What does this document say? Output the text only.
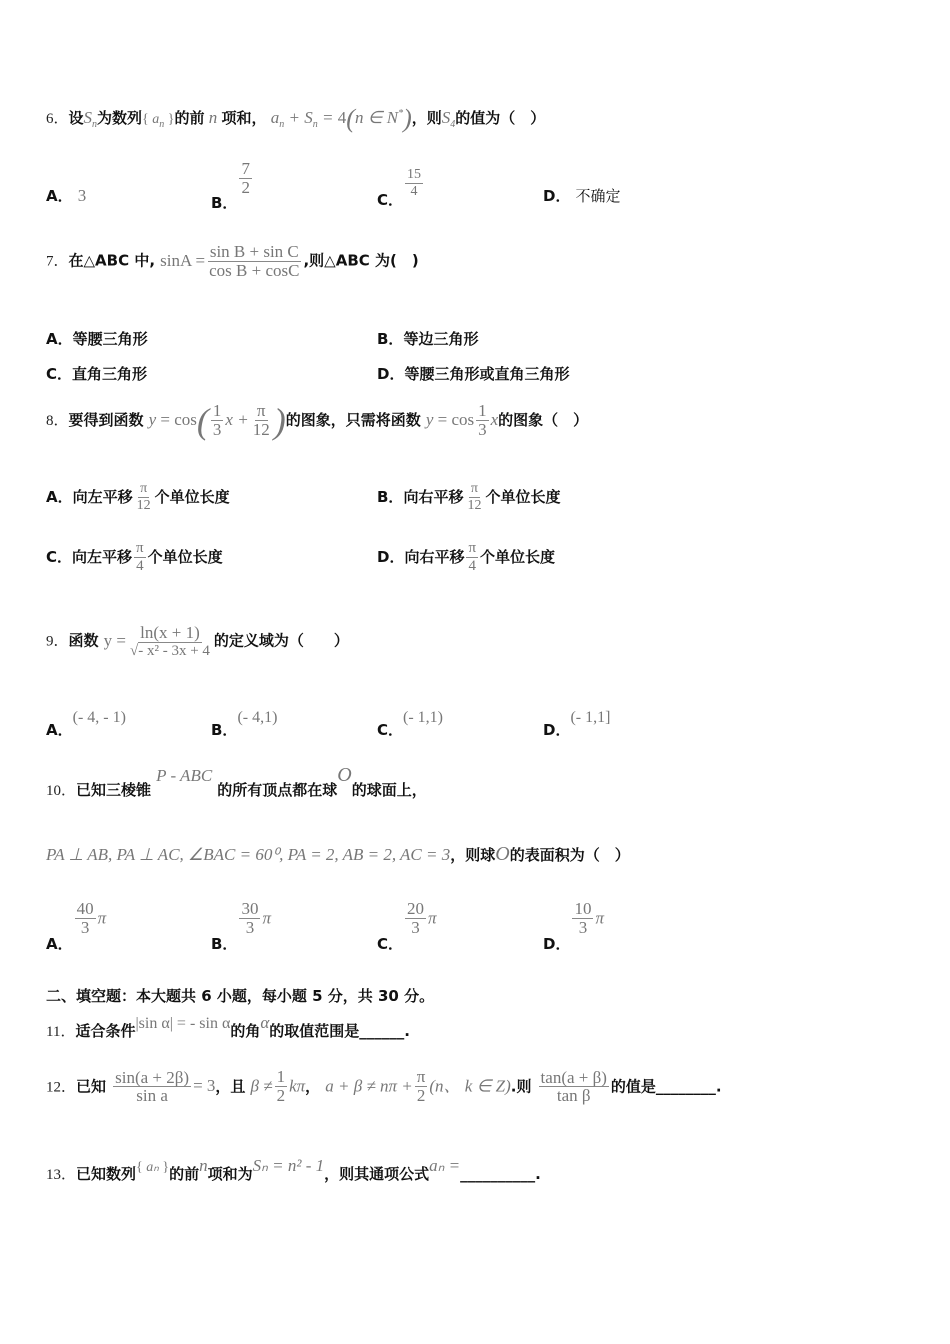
6．设$S_n$为数列{ $a_n$ }的前 n 项和， $a_n + S_n = 4(n$ ∈ N*)，则$S_4$的值为（　）
A． 3	B．
$\frac{7}{2}$
C．
$\frac{15}{4}$	D． 不确定
7．在△ABC 中, $\sin A = \frac{\text{sin B + sin C}}{\text{cos B + cosC}}$ ,则△ABC 为(　)
A．等腰三角形	B．等边三角形
C．直角三角形	D．等腰三角形或直角三角形
8．要得到函数 $y = \cos( \frac{1}{3}$ $x + \frac{\pi}{12}$ )的图象，只需将函数 $y = \cos \frac{1}{3}$ x的图象（　）
A．向左平移 $\frac{\pi}{12}$ 个单位长度	B．向右平移 $\frac{\pi}{12}$ 个单位长度
C．向左平移 $\frac{\pi}{4}$ 个单位长度	D．向右平移 $\frac{\pi}{4}$ 个单位长度
9．函数 $y = \frac{\ln(x + 1)}{\text{√- x² - 3x + 4}}$ 的定义域为（　　）
A．(- 4, - 1)
B．(- 4,1)
C．(- 1,1)
D．(- 1,1]
10．已知三棱锥 P - ABC 的所有顶点都在球O的球面上，
PA ⊥ AB, PA ⊥ AC, ∠BAC = 60⁰, PA = 2, AB = 2, AC = 3，则球O的表面积为（　）
A．
$\frac{40}{3}$ π
B．
$\frac{30}{3}$ π
C．
$\frac{20}{3}$ π
D．
$\frac{10}{3}$ π
二、填空题：本大题共 6 小题，每小题 5 分，共 30 分。
11．适合条件|sin α| = - sin α的角α的取值范围是______.
12．已知 $\frac{\sin(a + 2\beta)}{\text{sin a}} = 3$，且 $\beta \ne \frac{1}{2}$ kπ， $a + \beta \ne n\pi + \frac{\pi}{2} (n$、 k ∈ Z).则 $\frac{\tan(a + \beta)}{\text{tan β}}$ 的值是________.
13．已知数列{ aₙ }的前n项和为Sₙ = n² - 1，则其通项公式aₙ =__________.
